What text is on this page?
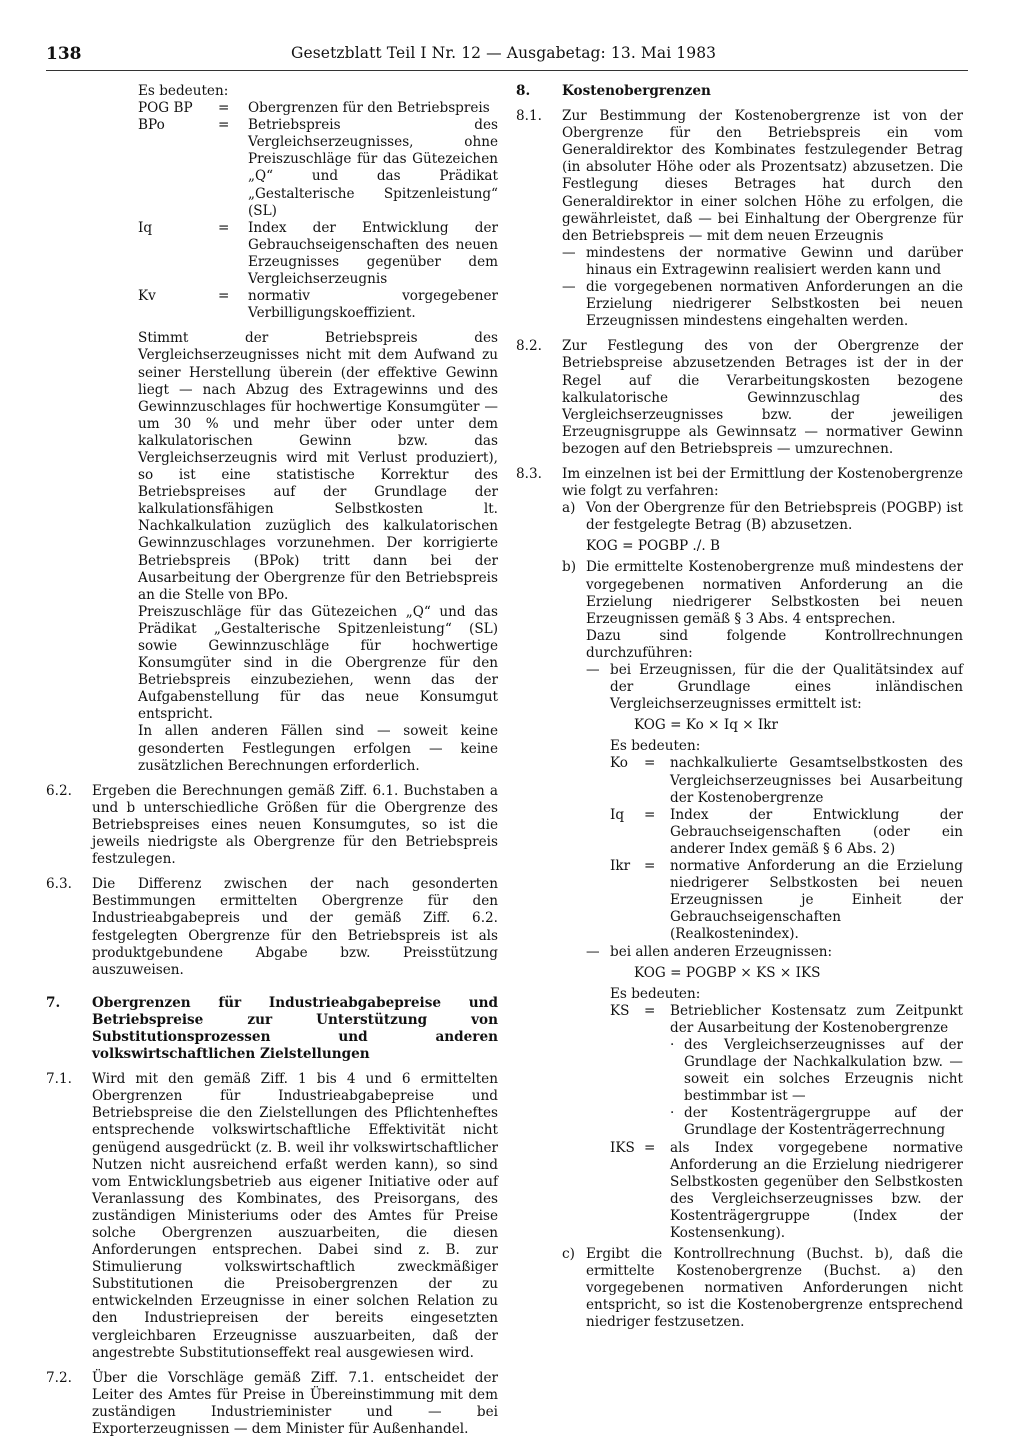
138	Gesetzblatt Teil I Nr. 12 — Ausgabetag: 13. Mai 1983

Es bedeuten:

POG BP	=	Obergrenzen für den Betriebspreis
BPo	=	Betriebspreis des Vergleichserzeugnisses, ohne Preiszuschläge für das Gütezeichen „Q“ und das Prädikat „Gestalterische Spitzenleistung“ (SL)
Iq	=	Index der Entwicklung der Gebrauchseigenschaften des neuen Erzeugnisses gegenüber dem Vergleichserzeugnis
Kv	=	normativ vorgegebener Verbilligungskoeffizient.

Stimmt der Betriebspreis des Vergleichserzeugnisses nicht mit dem Aufwand zu seiner Herstellung überein (der effektive Gewinn liegt — nach Abzug des Extragewinns und des Gewinnzuschlages für hochwertige Konsumgüter — um 30 % und mehr über oder unter dem kalkulatorischen Gewinn bzw. das Vergleichserzeugnis wird mit Verlust produziert), so ist eine statistische Korrektur des Betriebspreises auf der Grundlage der kalkulationsfähigen Selbstkosten lt. Nachkalkulation zuzüglich des kalkulatorischen Gewinnzuschlages vorzunehmen. Der korrigierte Betriebspreis (BPok) tritt dann bei der Ausarbeitung der Obergrenze für den Betriebspreis an die Stelle von BPo.

Preiszuschläge für das Gütezeichen „Q“ und das Prädikat „Gestalterische Spitzenleistung“ (SL) sowie Gewinnzuschläge für hochwertige Konsumgüter sind in die Obergrenze für den Betriebspreis einzubeziehen, wenn das der Aufgabenstellung für das neue Konsumgut entspricht.

In allen anderen Fällen sind — soweit keine gesonderten Festlegungen erfolgen — keine zusätzlichen Berechnungen erforderlich.

6.2.	Ergeben die Berechnungen gemäß Ziff. 6.1. Buchstaben a und b unterschiedliche Größen für die Obergrenze des Betriebspreises eines neuen Konsumgutes, so ist die jeweils niedrigste als Obergrenze für den Betriebspreis festzulegen.

6.3.	Die Differenz zwischen der nach gesonderten Bestimmungen ermittelten Obergrenze für den Industrieabgabepreis und der gemäß Ziff. 6.2. festgelegten Obergrenze für den Betriebspreis ist als produktgebundene Abgabe bzw. Preisstützung auszuweisen.

7.	Obergrenzen für Industrieabgabepreise und Betriebspreise zur Unterstützung von Substitutionsprozessen und anderen volkswirtschaftlichen Zielstellungen

7.1.	Wird mit den gemäß Ziff. 1 bis 4 und 6 ermittelten Obergrenzen für Industrieabgabepreise und Betriebspreise die den Zielstellungen des Pflichtenheftes entsprechende volkswirtschaftliche Effektivität nicht genügend ausgedrückt (z. B. weil ihr volkswirtschaftlicher Nutzen nicht ausreichend erfaßt werden kann), so sind vom Entwicklungsbetrieb aus eigener Initiative oder auf Veranlassung des Kombinates, des Preisorgans, des zuständigen Ministeriums oder des Amtes für Preise solche Obergrenzen auszuarbeiten, die diesen Anforderungen entsprechen. Dabei sind z. B. zur Stimulierung volkswirtschaftlich zweckmäßiger Substitutionen die Preisobergrenzen der zu entwickelnden Erzeugnisse in einer solchen Relation zu den Industriepreisen der bereits eingesetzten vergleichbaren Erzeugnisse auszuarbeiten, daß der angestrebte Substitutionseffekt real ausgewiesen wird.

7.2.	Über die Vorschläge gemäß Ziff. 7.1. entscheidet der Leiter des Amtes für Preise in Übereinstimmung mit dem zuständigen Industrieminister und — bei Exporterzeugnissen — dem Minister für Außenhandel.

8.	Kostenobergrenzen

8.1.	Zur Bestimmung der Kostenobergrenze ist von der Obergrenze für den Betriebspreis ein vom Generaldirektor des Kombinates festzulegender Betrag (in absoluter Höhe oder als Prozentsatz) abzusetzen. Die Festlegung dieses Betrages hat durch den Generaldirektor in einer solchen Höhe zu erfolgen, die gewährleistet, daß — bei Einhaltung der Obergrenze für den Betriebspreis — mit dem neuen Erzeugnis

— mindestens der normative Gewinn und darüber hinaus ein Extragewinn realisiert werden kann und

— die vorgegebenen normativen Anforderungen an die Erzielung niedrigerer Selbstkosten bei neuen Erzeugnissen mindestens eingehalten werden.

8.2.	Zur Festlegung des von der Obergrenze der Betriebspreise abzusetzenden Betrages ist der in der Regel auf die Verarbeitungskosten bezogene kalkulatorische Gewinnzuschlag des Vergleichserzeugnisses bzw. der jeweiligen Erzeugnisgruppe als Gewinnsatz — normativer Gewinn bezogen auf den Betriebspreis — umzurechnen.

8.3.	Im einzelnen ist bei der Ermittlung der Kostenobergrenze wie folgt zu verfahren:

a) Von der Obergrenze für den Betriebspreis (POGBP) ist der festgelegte Betrag (B) abzusetzen.

KOG = POGBP ./. B

b) Die ermittelte Kostenobergrenze muß mindestens der vorgegebenen normativen Anforderung an die Erzielung niedrigerer Selbstkosten bei neuen Erzeugnissen gemäß § 3 Abs. 4 entsprechen.

Dazu sind folgende Kontrollrechnungen durchzuführen:

— bei Erzeugnissen, für die der Qualitätsindex auf der Grundlage eines inländischen Vergleichserzeugnisses ermittelt ist:

KOG = Ko × Iq × Ikr

Es bedeuten:

Ko	=	nachkalkulierte Gesamtselbstkosten des Vergleichserzeugnisses bei Ausarbeitung der Kostenobergrenze
Iq	=	Index der Entwicklung der Gebrauchseigenschaften (oder ein anderer Index gemäß § 6 Abs. 2)
Ikr	=	normative Anforderung an die Erzielung niedrigerer Selbstkosten bei neuen Erzeugnissen je Einheit der Gebrauchseigenschaften (Realkostenindex).
— bei allen anderen Erzeugnissen:

KOG = POGBP × KS × IKS

Es bedeuten:

KS	=	Betrieblicher Kostensatz zum Zeitpunkt der Ausarbeitung der Kostenobergrenze

· des Vergleichserzeugnisses auf der Grundlage der Nachkalkulation bzw. — soweit ein solches Erzeugnis nicht bestimmbar ist —

· der Kostenträgergruppe auf der Grundlage der Kostenträgerrechnung

IKS =	als Index vorgegebene normative Anforderung an die Erzielung niedrigerer Selbstkosten gegenüber den Selbstkosten des Vergleichserzeugnisses bzw. der Kostenträgergruppe (Index der Kostensenkung).

c) Ergibt die Kontrollrechnung (Buchst. b), daß die ermittelte Kostenobergrenze (Buchst. a) den vorgegebenen normativen Anforderungen nicht entspricht, so ist die Kostenobergrenze entsprechend niedriger festzusetzen.
